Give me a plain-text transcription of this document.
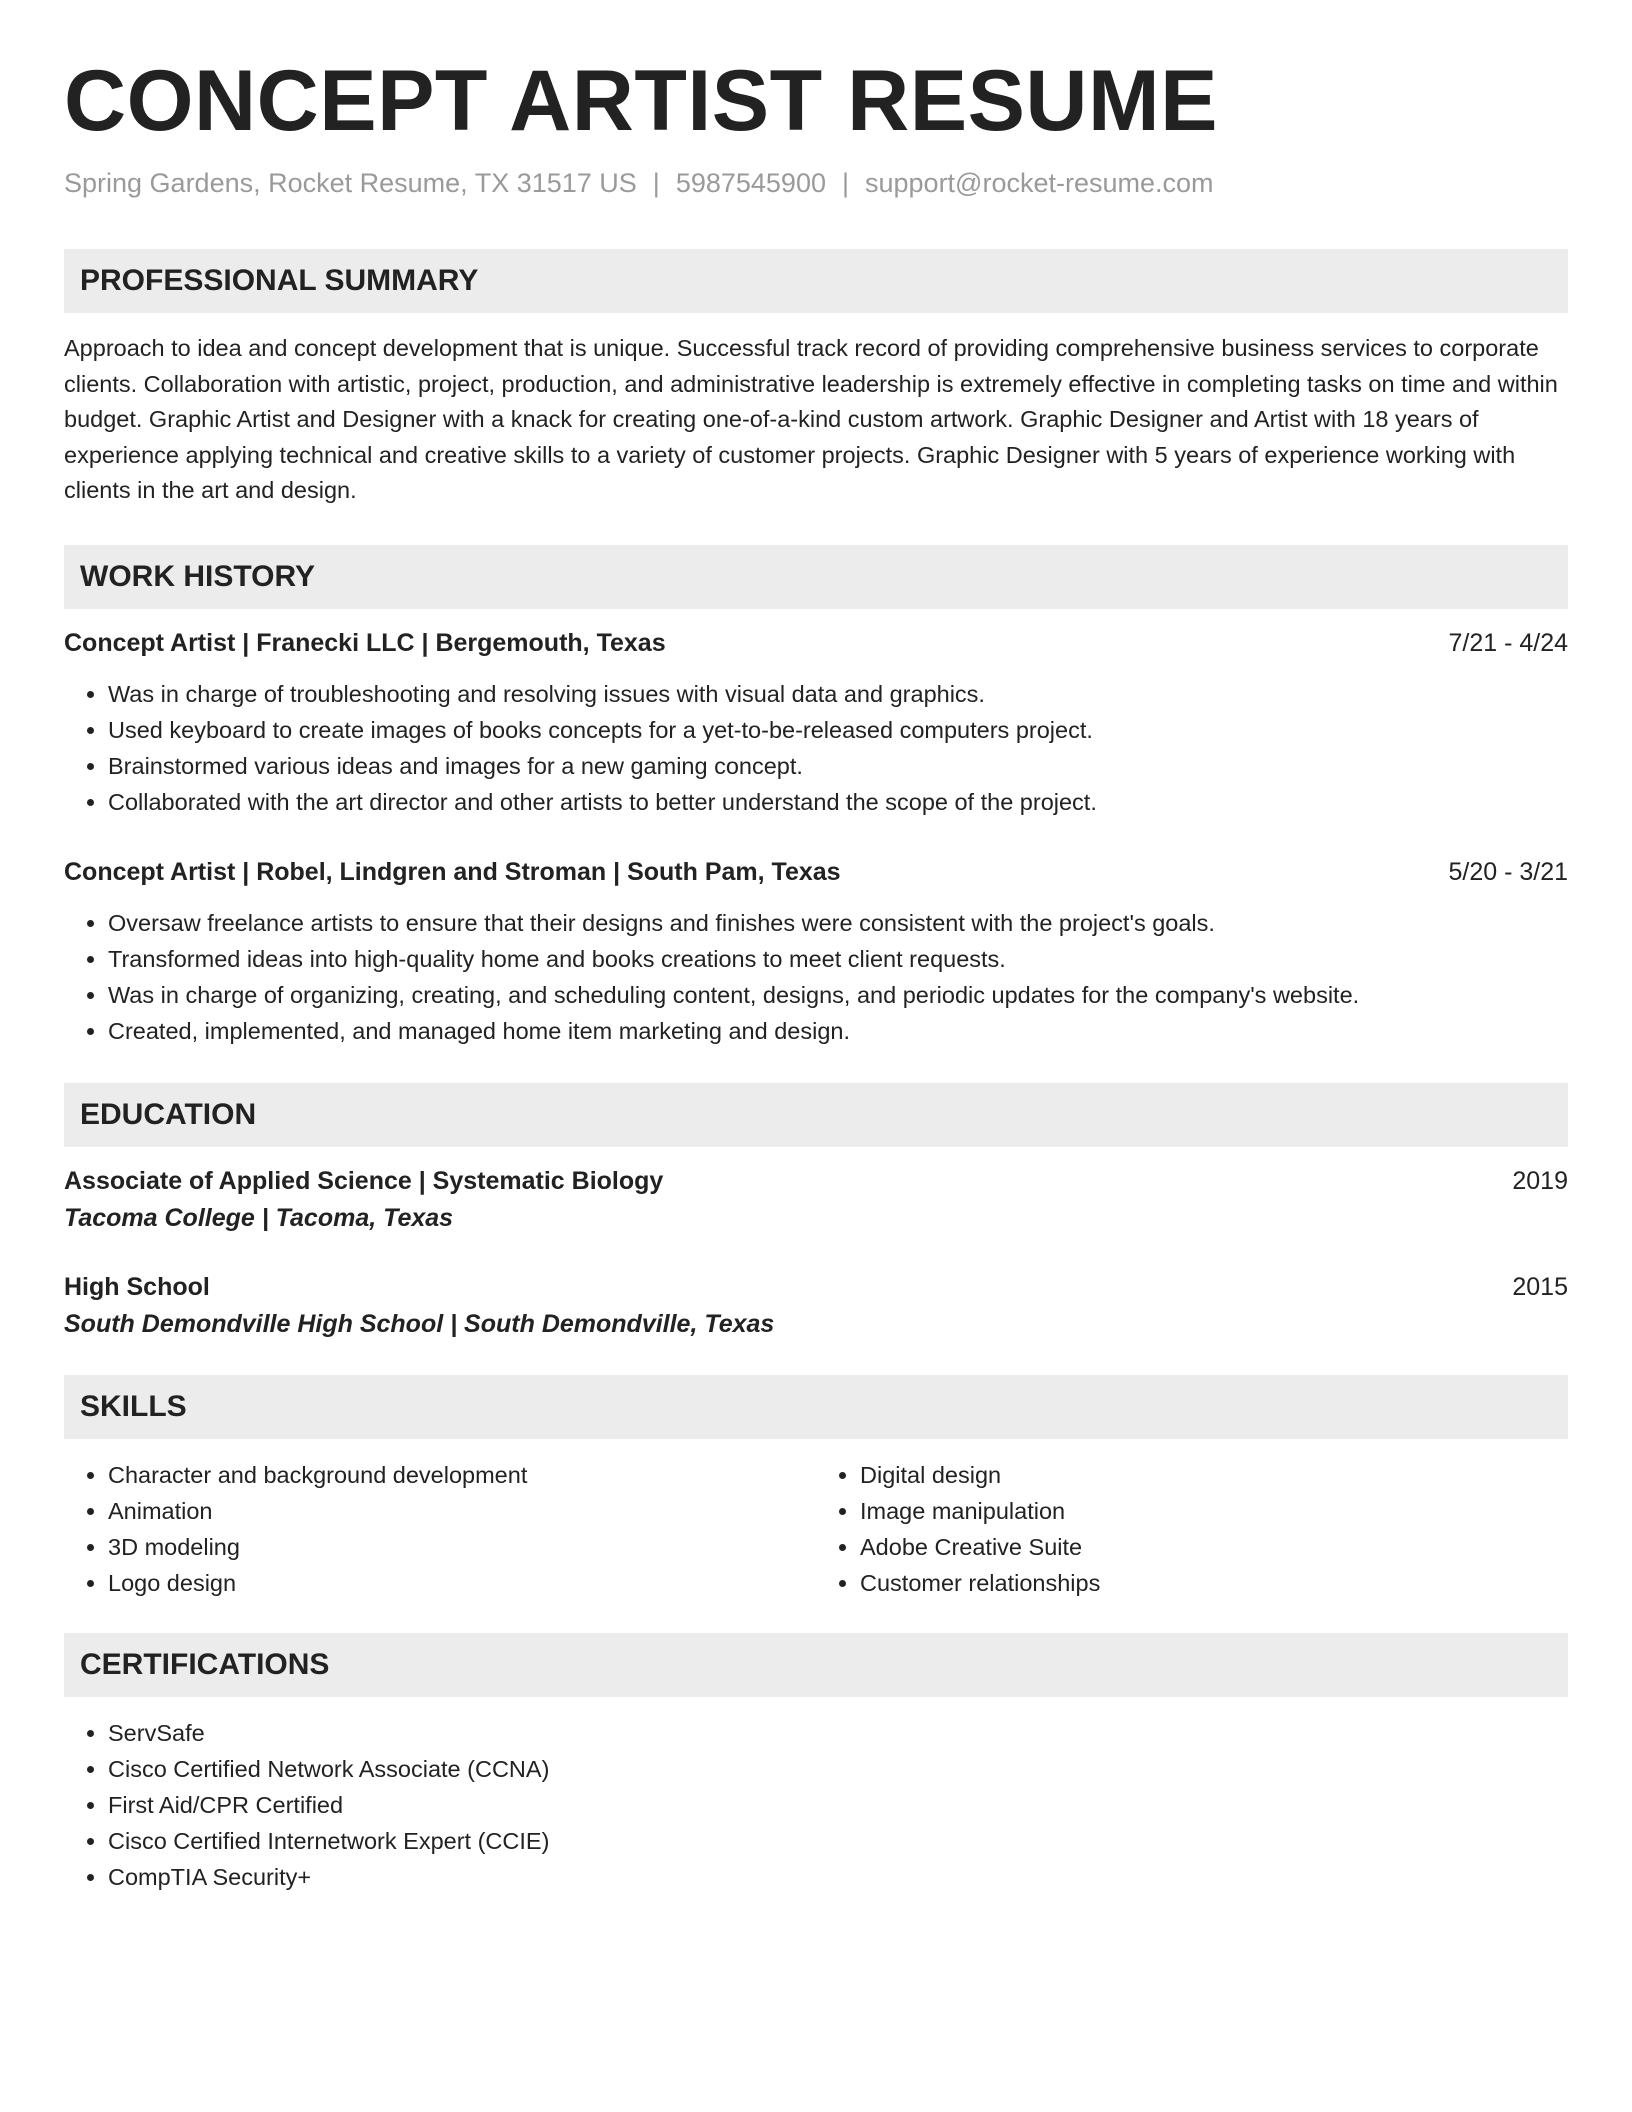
CONCEPT ARTIST RESUME
Spring Gardens, Rocket Resume, TX 31517 US | 5987545900 | support@rocket-resume.com
PROFESSIONAL SUMMARY

Approach to idea and concept development that is unique. Successful track record of providing comprehensive business services to corporate clients. Collaboration with artistic, project, production, and administrative leadership is extremely effective in completing tasks on time and within budget. Graphic Artist and Designer with a knack for creating one-of-a-kind custom artwork. Graphic Designer and Artist with 18 years of experience applying technical and creative skills to a variety of customer projects. Graphic Designer with 5 years of experience working with clients in the art and design.

WORK HISTORY
Concept Artist | Franecki LLC | Bergemouth, Texas	7/21 - 4/24
• Was in charge of troubleshooting and resolving issues with visual data and graphics.
• Used keyboard to create images of books concepts for a yet-to-be-released computers project.
• Brainstormed various ideas and images for a new gaming concept.
• Collaborated with the art director and other artists to better understand the scope of the project.
Concept Artist | Robel, Lindgren and Stroman | South Pam, Texas	5/20 - 3/21
• Oversaw freelance artists to ensure that their designs and finishes were consistent with the project's goals.
• Transformed ideas into high-quality home and books creations to meet client requests.
• Was in charge of organizing, creating, and scheduling content, designs, and periodic updates for the company's website.
• Created, implemented, and managed home item marketing and design.
EDUCATION
Associate of Applied Science | Systematic Biology	2019
Tacoma College | Tacoma, Texas
High School	2015
South Demondville High School | South Demondville, Texas
SKILLS
• Character and background development
• Animation
• 3D modeling
• Logo design
• Digital design
• Image manipulation
• Adobe Creative Suite
• Customer relationships
CERTIFICATIONS
• ServSafe
• Cisco Certified Network Associate (CCNA)
• First Aid/CPR Certified
• Cisco Certified Internetwork Expert (CCIE)
• CompTIA Security+
